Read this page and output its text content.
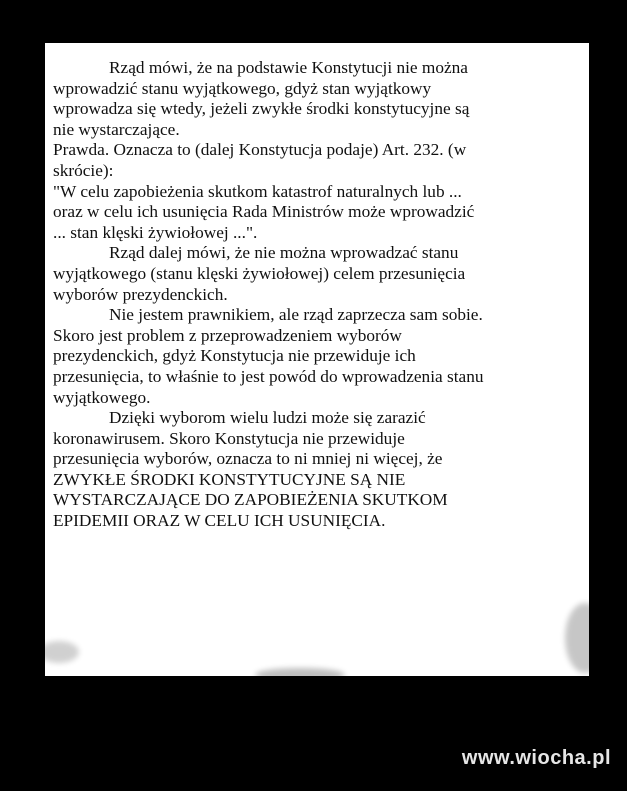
Rząd mówi, że na podstawie Konstytucji nie można
wprowadzić stanu wyjątkowego, gdyż stan wyjątkowy
wprowadza się wtedy, jeżeli zwykłe środki konstytucyjne są
nie wystarczające.
Prawda. Oznacza to (dalej Konstytucja podaje) Art. 232. (w
skrócie):
"W celu zapobieżenia skutkom katastrof naturalnych lub ...
oraz w celu ich usunięcia Rada Ministrów może wprowadzić
... stan klęski żywiołowej ...".
Rząd dalej mówi, że nie można wprowadzać stanu
wyjątkowego (stanu klęski żywiołowej) celem przesunięcia
wyborów prezydenckich.
Nie jestem prawnikiem, ale rząd zaprzecza sam sobie.
Skoro jest problem z przeprowadzeniem wyborów
prezydenckich, gdyż Konstytucja nie przewiduje ich
przesunięcia, to właśnie to jest powód do wprowadzenia stanu
wyjątkowego.
Dzięki wyborom wielu ludzi może się zarazić
koronawirusem. Skoro Konstytucja nie przewiduje
przesunięcia wyborów, oznacza to ni mniej ni więcej, że
ZWYKŁE ŚRODKI KONSTYTUCYJNE SĄ NIE
WYSTARCZAJĄCE DO ZAPOBIEŻENIA SKUTKOM
EPIDEMII ORAZ W CELU ICH USUNIĘCIA.
www.wiocha.pl
